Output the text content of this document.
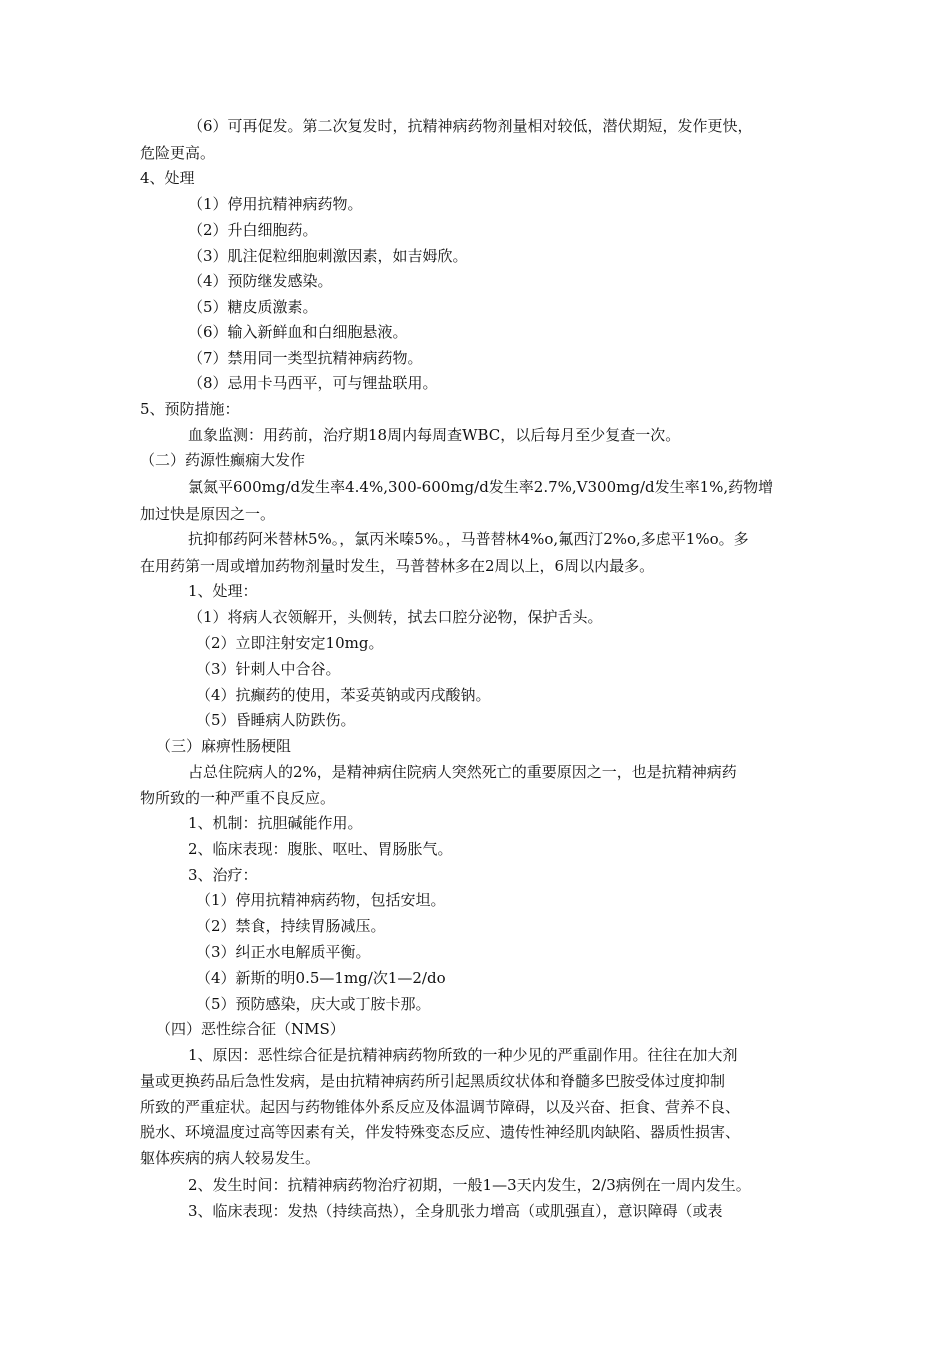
（6）可再促发。第二次复发时，抗精神病药物剂量相对较低，潜伏期短，发作更快，
危险更高。
4、处理
（1）停用抗精神病药物。
（2）升白细胞药。
（3）肌注促粒细胞刺激因素，如吉姆欣。
（4）预防继发感染。
（5）糖皮质激素。
（6）输入新鲜血和白细胞悬液。
（7）禁用同一类型抗精神病药物。
（8）忌用卡马西平，可与锂盐联用。
5、预防措施：
血象监测：用药前，治疗期18周内每周查WBC，以后每月至少复查一次。
（二）药源性癫痫大发作
氯氮平600mg/d发生率4.4%,300-600mg/d发生率2.7%,V300mg/d发生率1%,药物增
加过快是原因之一。
抗抑郁药阿米替林5%。，氯丙米嗪5%。，马普替林4%o,氟西汀2%o,多虑平1%o。多
在用药第一周或增加药物剂量时发生，马普替林多在2周以上，6周以内最多。
1、处理：
（1）将病人衣领解开，头侧转，拭去口腔分泌物，保护舌头。
（2）立即注射安定10mg。
（3）针刺人中合谷。
（4）抗癫药的使用，苯妥英钠或丙戌酸钠。
（5）昏睡病人防跌伤。
（三）麻痹性肠梗阻
占总住院病人的2%，是精神病住院病人突然死亡的重要原因之一，也是抗精神病药
物所致的一种严重不良反应。
1、机制：抗胆碱能作用。
2、临床表现：腹胀、呕吐、胃肠胀气。
3、治疗：
（1）停用抗精神病药物，包括安坦。
（2）禁食，持续胃肠减压。
（3）纠正水电解质平衡。
（4）新斯的明0.5—1mg/次1—2/do
（5）预防感染，庆大或丁胺卡那。
（四）恶性综合征（NMS）
1、原因：恶性综合征是抗精神病药物所致的一种少见的严重副作用。往往在加大剂
量或更换药品后急性发病，是由抗精神病药所引起黑质纹状体和脊髓多巴胺受体过度抑制
所致的严重症状。起因与药物锥体外系反应及体温调节障碍，以及兴奋、拒食、营养不良、
脱水、环境温度过高等因素有关，伴发特殊变态反应、遗传性神经肌肉缺陷、器质性损害、
躯体疾病的病人较易发生。
2、发生时间：抗精神病药物治疗初期，一般1—3天内发生，2/3病例在一周内发生。
3、临床表现：发热（持续高热），全身肌张力增高（或肌强直），意识障碍（或表
